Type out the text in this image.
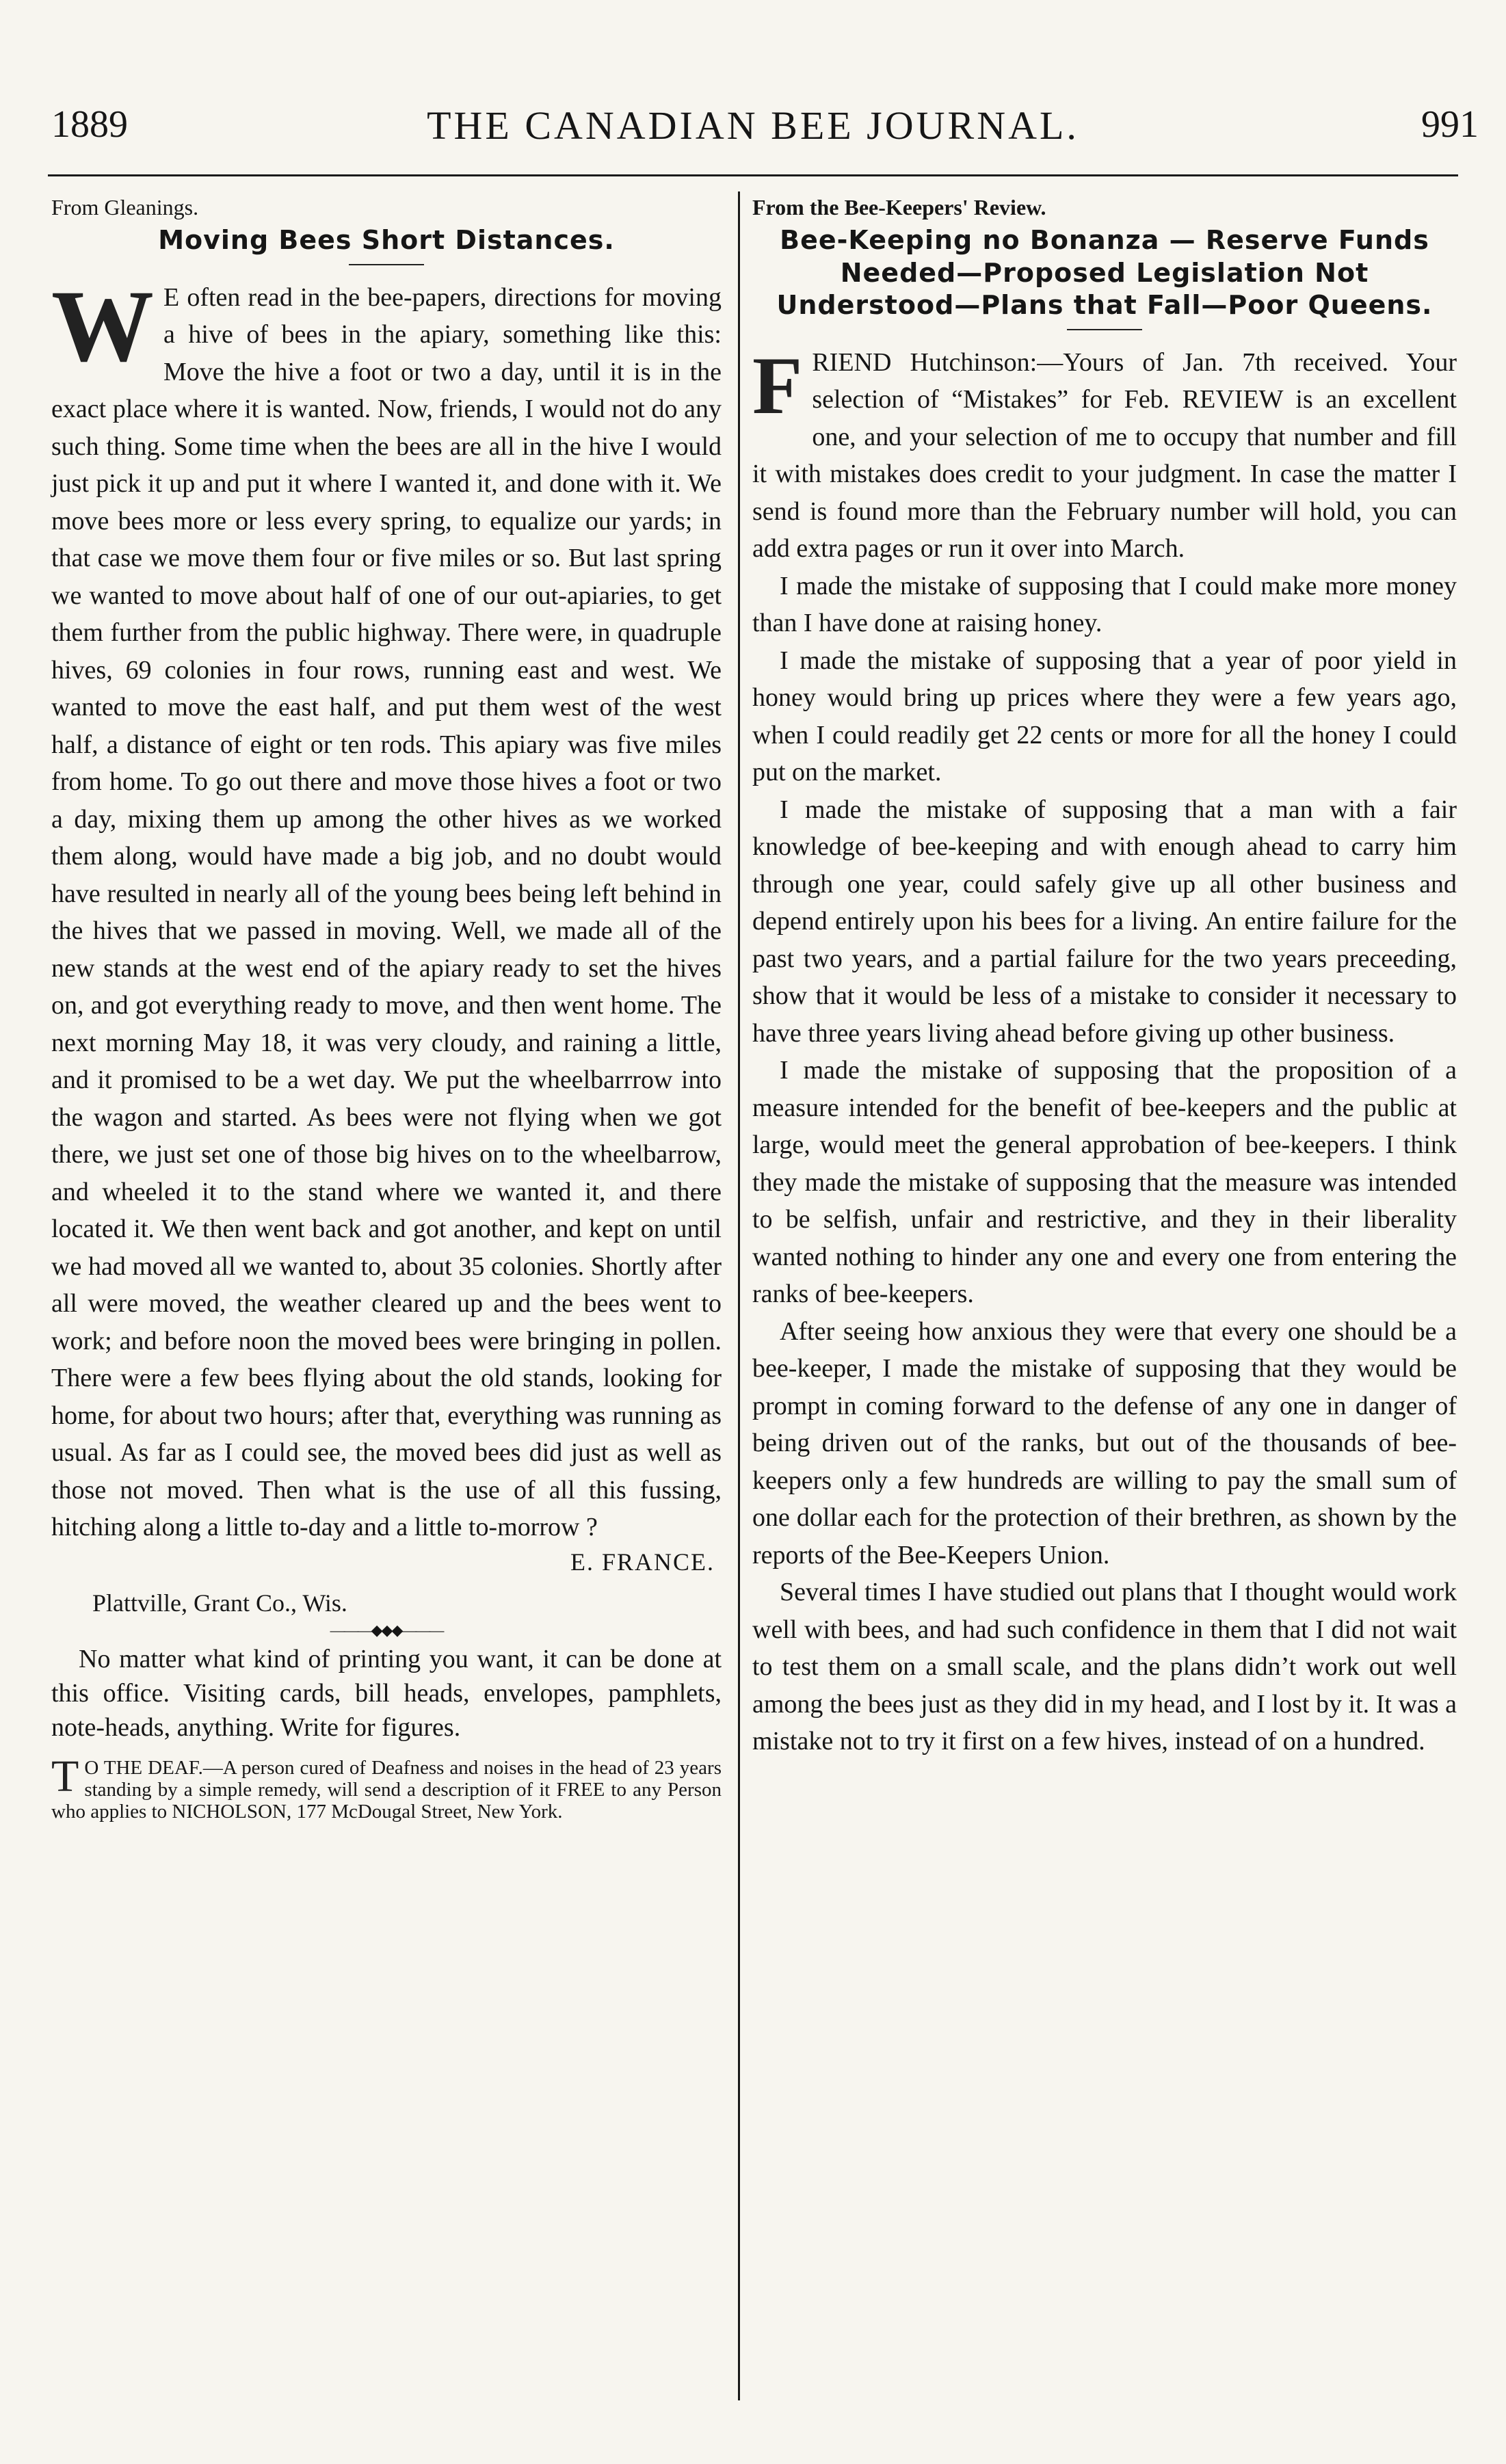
1889	THE CANADIAN BEE JOURNAL.	991
From Gleanings.
Moving Bees Short Distances.

W E often read in the bee-papers, directions for moving a hive of bees in the apiary, something like this: Move the hive a foot or two a day, until it is in the exact place where it is wanted. Now, friends, I would not do any such thing. Some time when the bees are all in the hive I would just pick it up and put it where I wanted it, and done with it. We move bees more or less every spring, to equalize our yards; in that case we move them four or five miles or so. But last spring we wanted to move about half of one of our out-apiaries, to get them further from the public highway. There were, in quadruple hives, 69 colonies in four rows, running east and west. We wanted to move the east half, and put them west of the west half, a distance of eight or ten rods. This apiary was five miles from home. To go out there and move those hives a foot or two a day, mixing them up among the other hives as we worked them along, would have made a big job, and no doubt would have resulted in nearly all of the young bees being left behind in the hives that we passed in moving. Well, we made all of the new stands at the west end of the apiary ready to set the hives on, and got everything ready to move, and then went home. The next morning May 18, it was very cloudy, and raining a little, and it promised to be a wet day. We put the wheelbarrrow into the wagon and started. As bees were not flying when we got there, we just set one of those big hives on to the wheelbarrow, and wheeled it to the stand where we wanted it, and there located it. We then went back and got another, and kept on until we had moved all we wanted to, about 35 colonies. Shortly after all were moved, the weather cleared up and the bees went to work; and before noon the moved bees were bringing in pollen. There were a few bees flying about the old stands, looking for home, for about two hours; after that, everything was running as usual. As far as I could see, the moved bees did just as well as those not moved. Then what is the use of all this fussing, hitching along a little to-day and a little to-morrow ?

E. FRANCE.
Plattville, Grant Co., Wis.
———◆◆◆———

No matter what kind of printing you want, it can be done at this office. Visiting cards, bill heads, envelopes, pamphlets, note-heads, anything. Write for figures.

T O THE DEAF.—A person cured of Deafness and noises in the head of 23 years standing by a simple remedy, will send a description of it FREE to any Person who applies to NICHOLSON, 177 McDougal Street, New York.
From the Bee-Keepers' Review.
Bee-Keeping no Bonanza — Reserve Funds Needed—Proposed Legislation Not Understood—Plans that Fall—Poor Queens.

FRIEND Hutchinson:—Yours of Jan. 7th received. Your selection of “Mistakes” for Feb. REVIEW is an excellent one, and your selection of me to occupy that number and fill it with mistakes does credit to your judgment. In case the matter I send is found more than the February number will hold, you can add extra pages or run it over into March.

I made the mistake of supposing that I could make more money than I have done at raising honey.

I made the mistake of supposing that a year of poor yield in honey would bring up prices where they were a few years ago, when I could readily get 22 cents or more for all the honey I could put on the market.

I made the mistake of supposing that a man with a fair knowledge of bee-keeping and with enough ahead to carry him through one year, could safely give up all other business and depend entirely upon his bees for a living. An entire failure for the past two years, and a partial failure for the two years preceeding, show that it would be less of a mistake to consider it necessary to have three years living ahead before giving up other business.

I made the mistake of supposing that the proposition of a measure intended for the benefit of bee-keepers and the public at large, would meet the general approbation of bee-keepers. I think they made the mistake of supposing that the measure was intended to be selfish, unfair and restrictive, and they in their liberality wanted nothing to hinder any one and every one from entering the ranks of bee-keepers.

After seeing how anxious they were that every one should be a bee-keeper, I made the mistake of supposing that they would be prompt in coming forward to the defense of any one in danger of being driven out of the ranks, but out of the thousands of bee-keepers only a few hundreds are willing to pay the small sum of one dollar each for the protection of their brethren, as shown by the reports of the Bee-Keepers Union.

Several times I have studied out plans that I thought would work well with bees, and had such confidence in them that I did not wait to test them on a small scale, and the plans didn’t work out well among the bees just as they did in my head, and I lost by it. It was a mistake not to try it first on a few hives, instead of on a hundred.
